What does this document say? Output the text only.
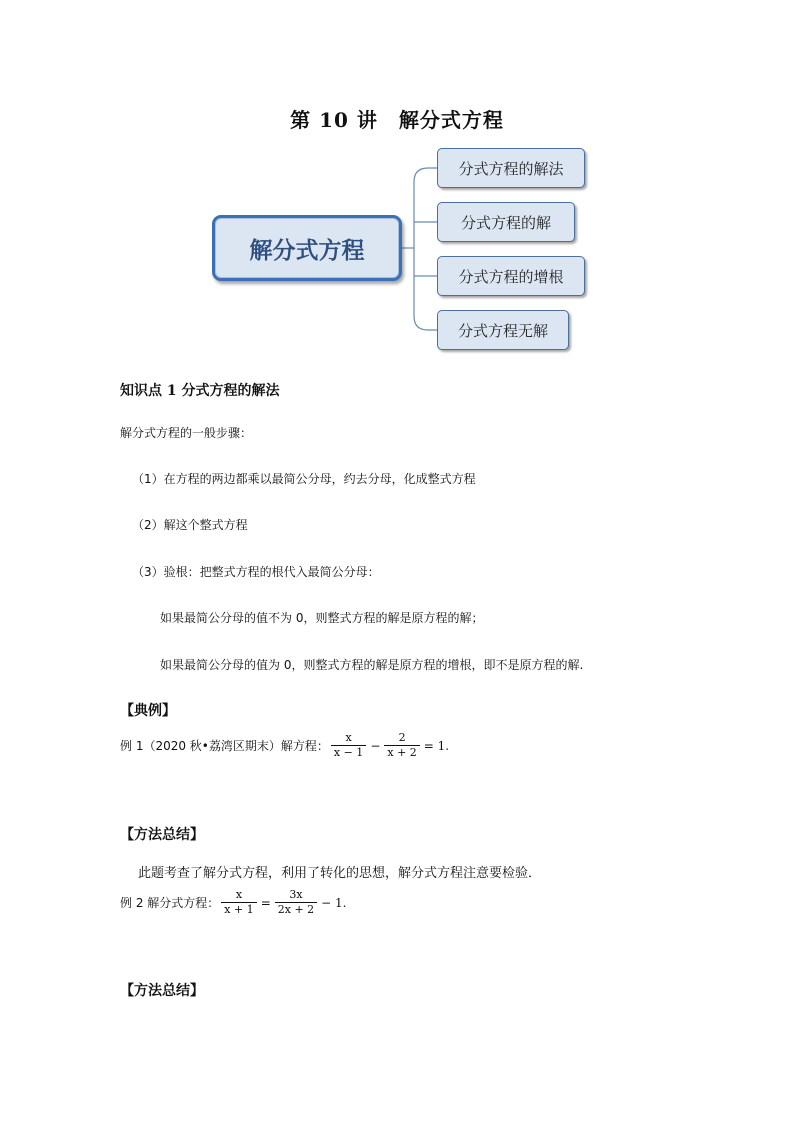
第 10 讲　解分式方程
解分式方程
分式方程的解法
分式方程的解
分式方程的增根
分式方程无解
知识点 1 分式方程的解法
解分式方程的一般步骤：
（1）在方程的两边都乘以最简公分母，约去分母，化成整式方程
（2）解这个整式方程
（3）验根：把整式方程的根代入最简公分母：
如果最简公分母的值不为 0，则整式方程的解是原方程的解；
如果最简公分母的值为 0，则整式方程的解是原方程的增根，即不是原方程的解.
【典例】
例 1（2020 秋•荔湾区期末）解方程： $\frac{x}{x - 1} - \frac{2}{x + 2} = 1$.
【方法总结】
此题考查了解分式方程，利用了转化的思想，解分式方程注意要检验．
例 2 解分式方程： $\frac{x}{x + 1} = \frac{3x}{2x + 2} - 1$.
【方法总结】
